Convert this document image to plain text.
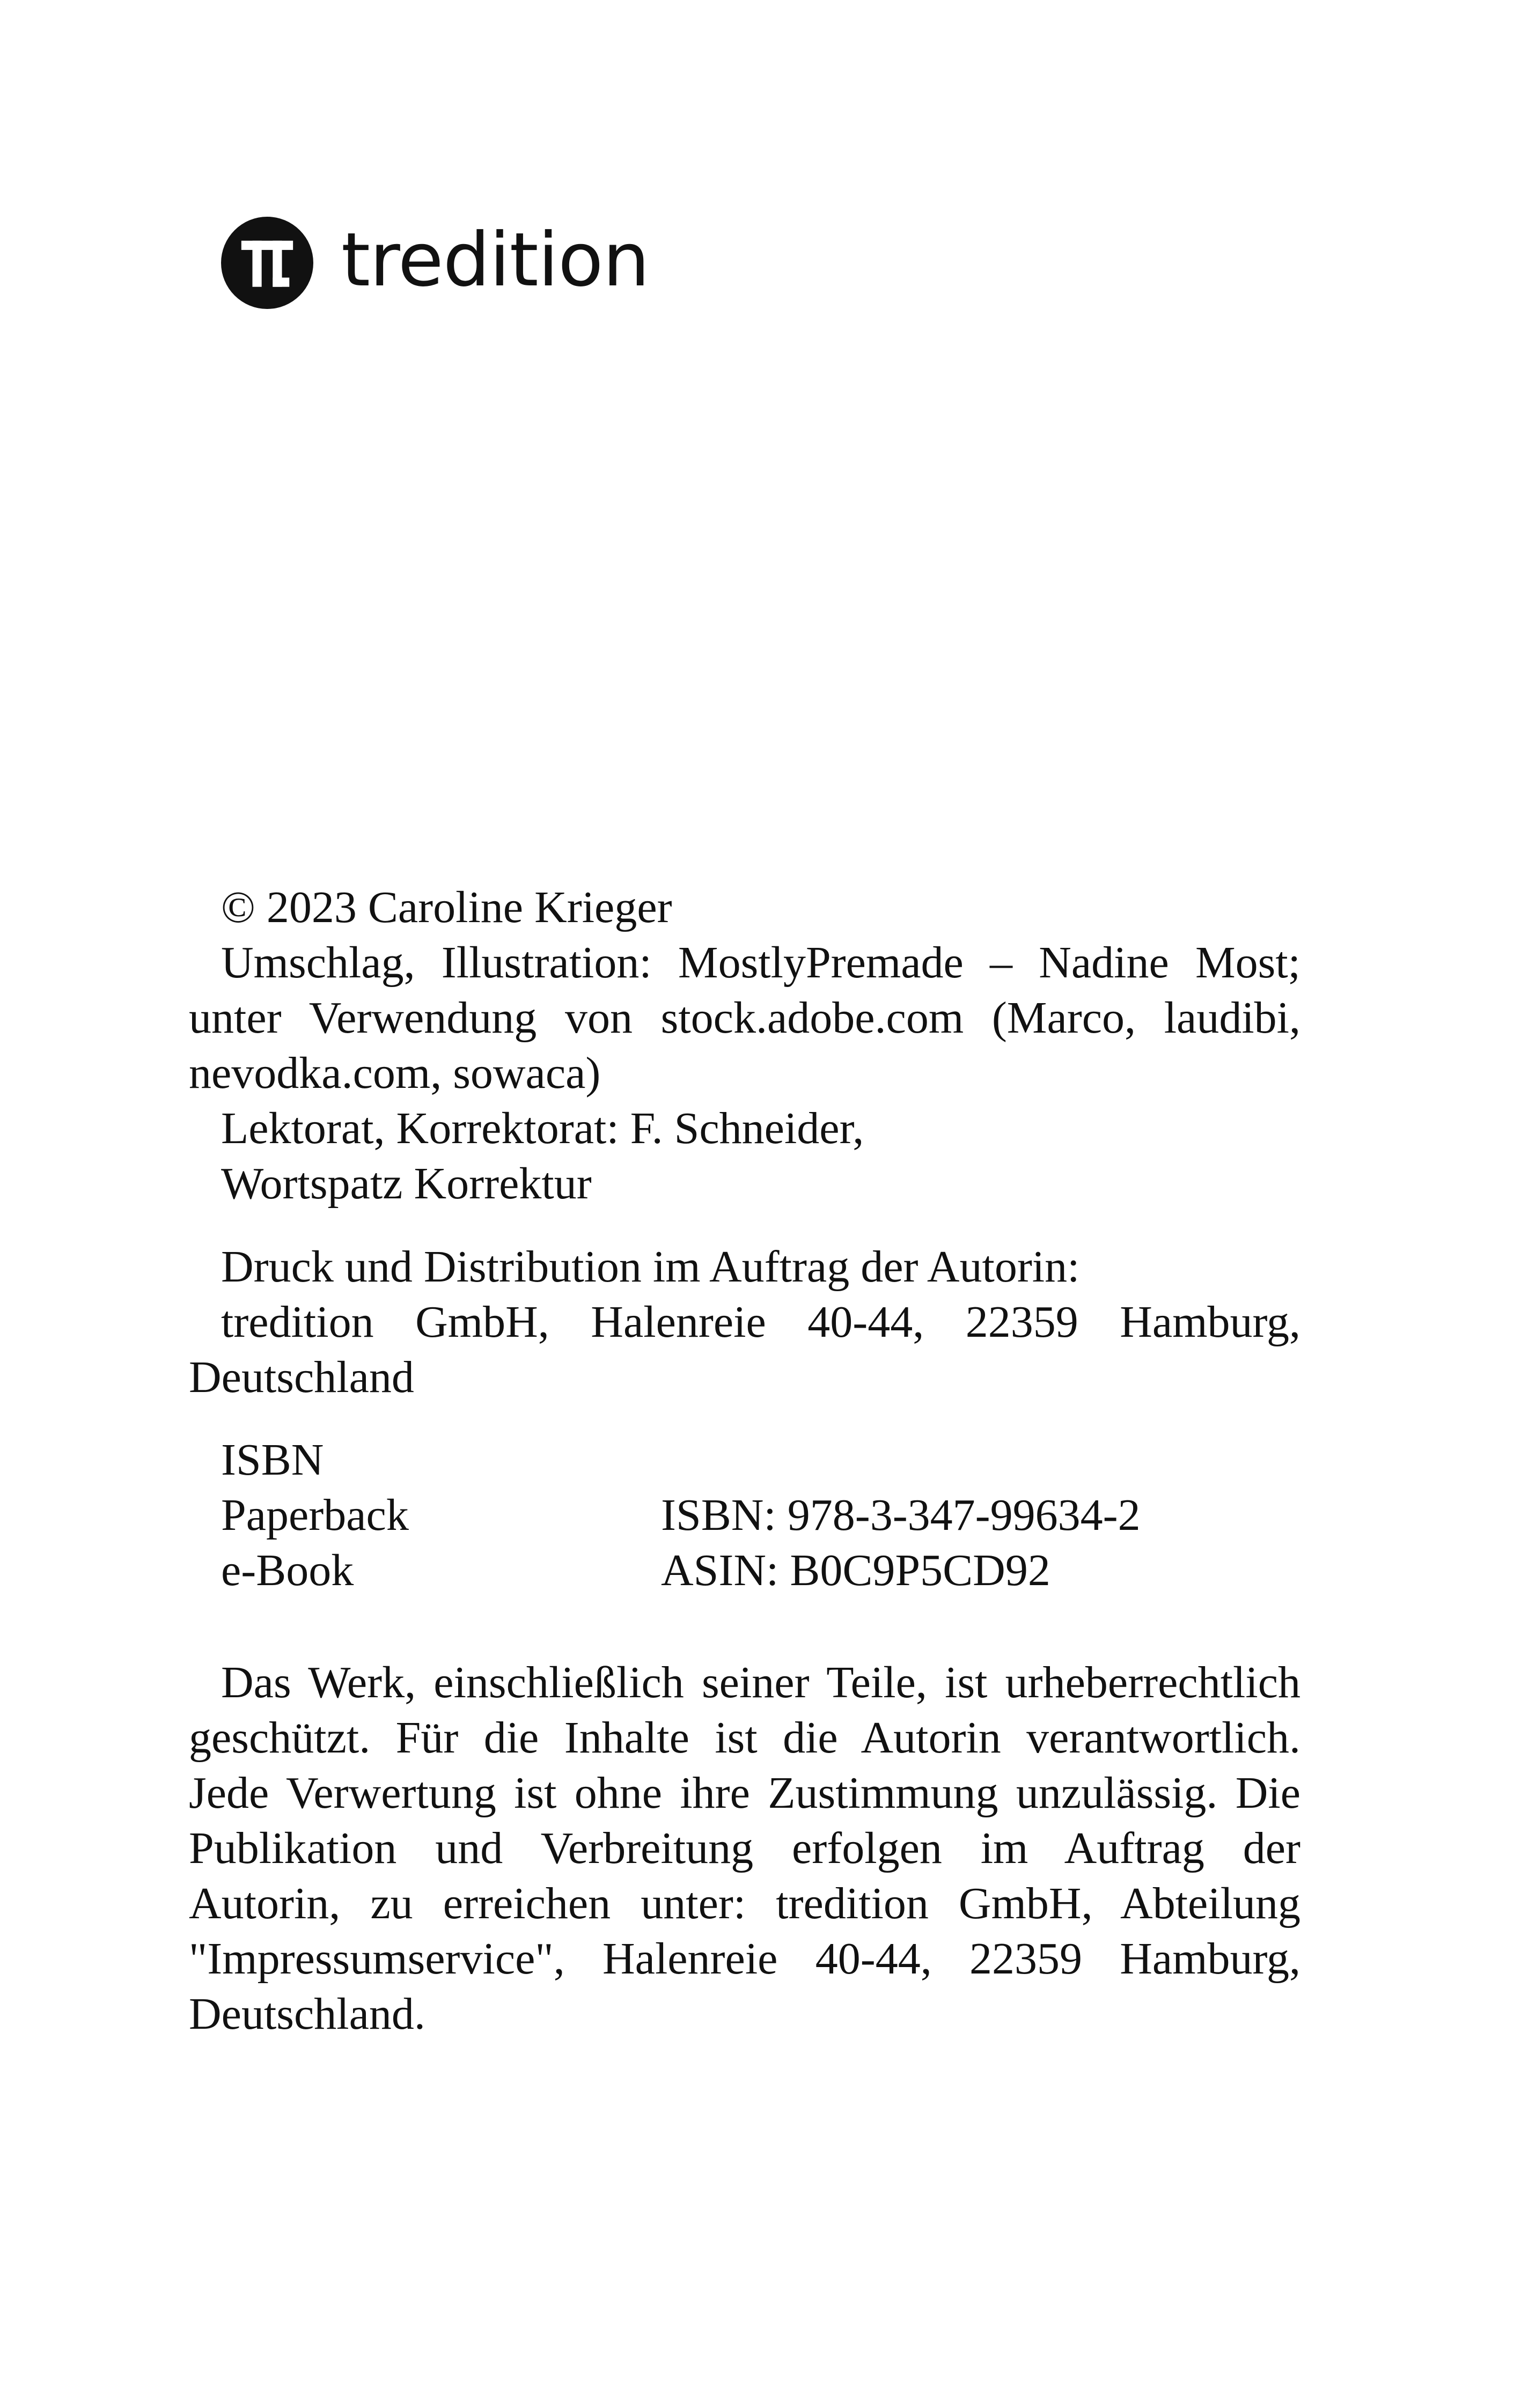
tredition
© 2023 Caroline Krieger
Umschlag, Illustration: MostlyPremade – Nadine Most;
unter Verwendung von stock.adobe.com (Marco, laudibi,
nevodka.com, sowaca)
Lektorat, Korrektorat: F. Schneider,
Wortspatz Korrektur
Druck und Distribution im Auftrag der Autorin:
tredition GmbH, Halenreie 40-44, 22359 Hamburg,
Deutschland
ISBN
Paperback	ISBN: 978-3-347-99634-2
e-Book	ASIN: B0C9P5CD92
Das Werk, einschließlich seiner Teile, ist urheberrechtlich
geschützt. Für die Inhalte ist die Autorin verantwortlich.
Jede Verwertung ist ohne ihre Zustimmung unzulässig. Die
Publikation und Verbreitung erfolgen im Auftrag der
Autorin, zu erreichen unter: tredition GmbH, Abteilung
"Impressumservice", Halenreie 40-44, 22359 Hamburg,
Deutschland.
